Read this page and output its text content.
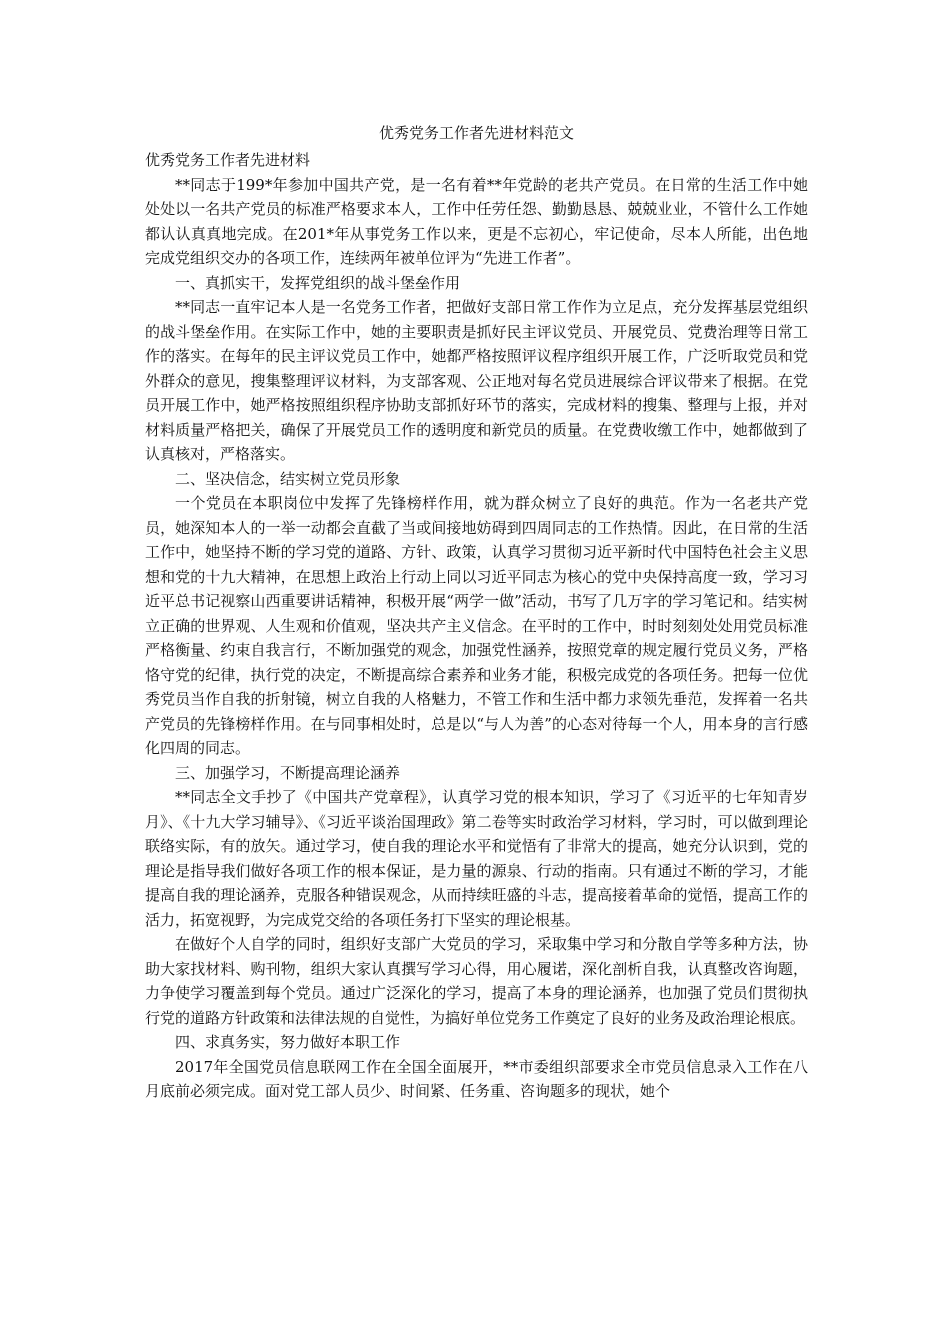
优秀党务工作者先进材料范文

优秀党务工作者先进材料

**同志于199*年参加中国共产党，是一名有着**年党龄的老共产党员。在日常的生活工作中她处处以一名共产党员的标准严格要求本人，工作中任劳任怨、勤勤恳恳、兢兢业业，不管什么工作她都认认真真地完成。在201*年从事党务工作以来，更是不忘初心，牢记使命，尽本人所能，出色地完成党组织交办的各项工作，连续两年被单位评为“先进工作者”。

一、真抓实干，发挥党组织的战斗堡垒作用

**同志一直牢记本人是一名党务工作者，把做好支部日常工作作为立足点，充分发挥基层党组织的战斗堡垒作用。在实际工作中，她的主要职责是抓好民主评议党员、开展党员、党费治理等日常工作的落实。在每年的民主评议党员工作中，她都严格按照评议程序组织开展工作，广泛听取党员和党外群众的意见，搜集整理评议材料，为支部客观、公正地对每名党员进展综合评议带来了根据。在党员开展工作中，她严格按照组织程序协助支部抓好环节的落实，完成材料的搜集、整理与上报，并对材料质量严格把关，确保了开展党员工作的透明度和新党员的质量。在党费收缴工作中，她都做到了认真核对，严格落实。

二、坚决信念，结实树立党员形象

一个党员在本职岗位中发挥了先锋榜样作用，就为群众树立了良好的典范。作为一名老共产党员，她深知本人的一举一动都会直截了当或间接地妨碍到四周同志的工作热情。因此，在日常的生活工作中，她坚持不断的学习党的道路、方针、政策，认真学习贯彻习近平新时代中国特色社会主义思想和党的十九大精神，在思想上政治上行动上同以习近平同志为核心的党中央保持高度一致，学习习近平总书记视察山西重要讲话精神，积极开展“两学一做”活动，书写了几万字的学习笔记和。结实树立正确的世界观、人生观和价值观，坚决共产主义信念。在平时的工作中，时时刻刻处处用党员标准严格衡量、约束自我言行，不断加强党的观念，加强党性涵养，按照党章的规定履行党员义务，严格恪守党的纪律，执行党的决定，不断提高综合素养和业务才能，积极完成党的各项任务。把每一位优秀党员当作自我的折射镜，树立自我的人格魅力，不管工作和生活中都力求领先垂范，发挥着一名共产党员的先锋榜样作用。在与同事相处时，总是以“与人为善”的心态对待每一个人，用本身的言行感化四周的同志。

三、加强学习，不断提高理论涵养

**同志全文手抄了《中国共产党章程》，认真学习党的根本知识，学习了《习近平的七年知青岁月》、《十九大学习辅导》、《习近平谈治国理政》第二卷等实时政治学习材料，学习时，可以做到理论联络实际，有的放矢。通过学习，使自我的理论水平和觉悟有了非常大的提高，她充分认识到，党的理论是指导我们做好各项工作的根本保证，是力量的源泉、行动的指南。只有通过不断的学习，才能提高自我的理论涵养，克服各种错误观念，从而持续旺盛的斗志，提高接着革命的觉悟，提高工作的活力，拓宽视野，为完成党交给的各项任务打下坚实的理论根基。

在做好个人自学的同时，组织好支部广大党员的学习，采取集中学习和分散自学等多种方法，协助大家找材料、购刊物，组织大家认真撰写学习心得，用心履诺，深化剖析自我，认真整改咨询题，力争使学习覆盖到每个党员。通过广泛深化的学习，提高了本身的理论涵养，也加强了党员们贯彻执行党的道路方针政策和法律法规的自觉性，为搞好单位党务工作奠定了良好的业务及政治理论根底。

四、求真务实，努力做好本职工作

2017年全国党员信息联网工作在全国全面展开，**市委组织部要求全市党员信息录入工作在八月底前必须完成。面对党工部人员少、时间紧、任务重、咨询题多的现状，她个
